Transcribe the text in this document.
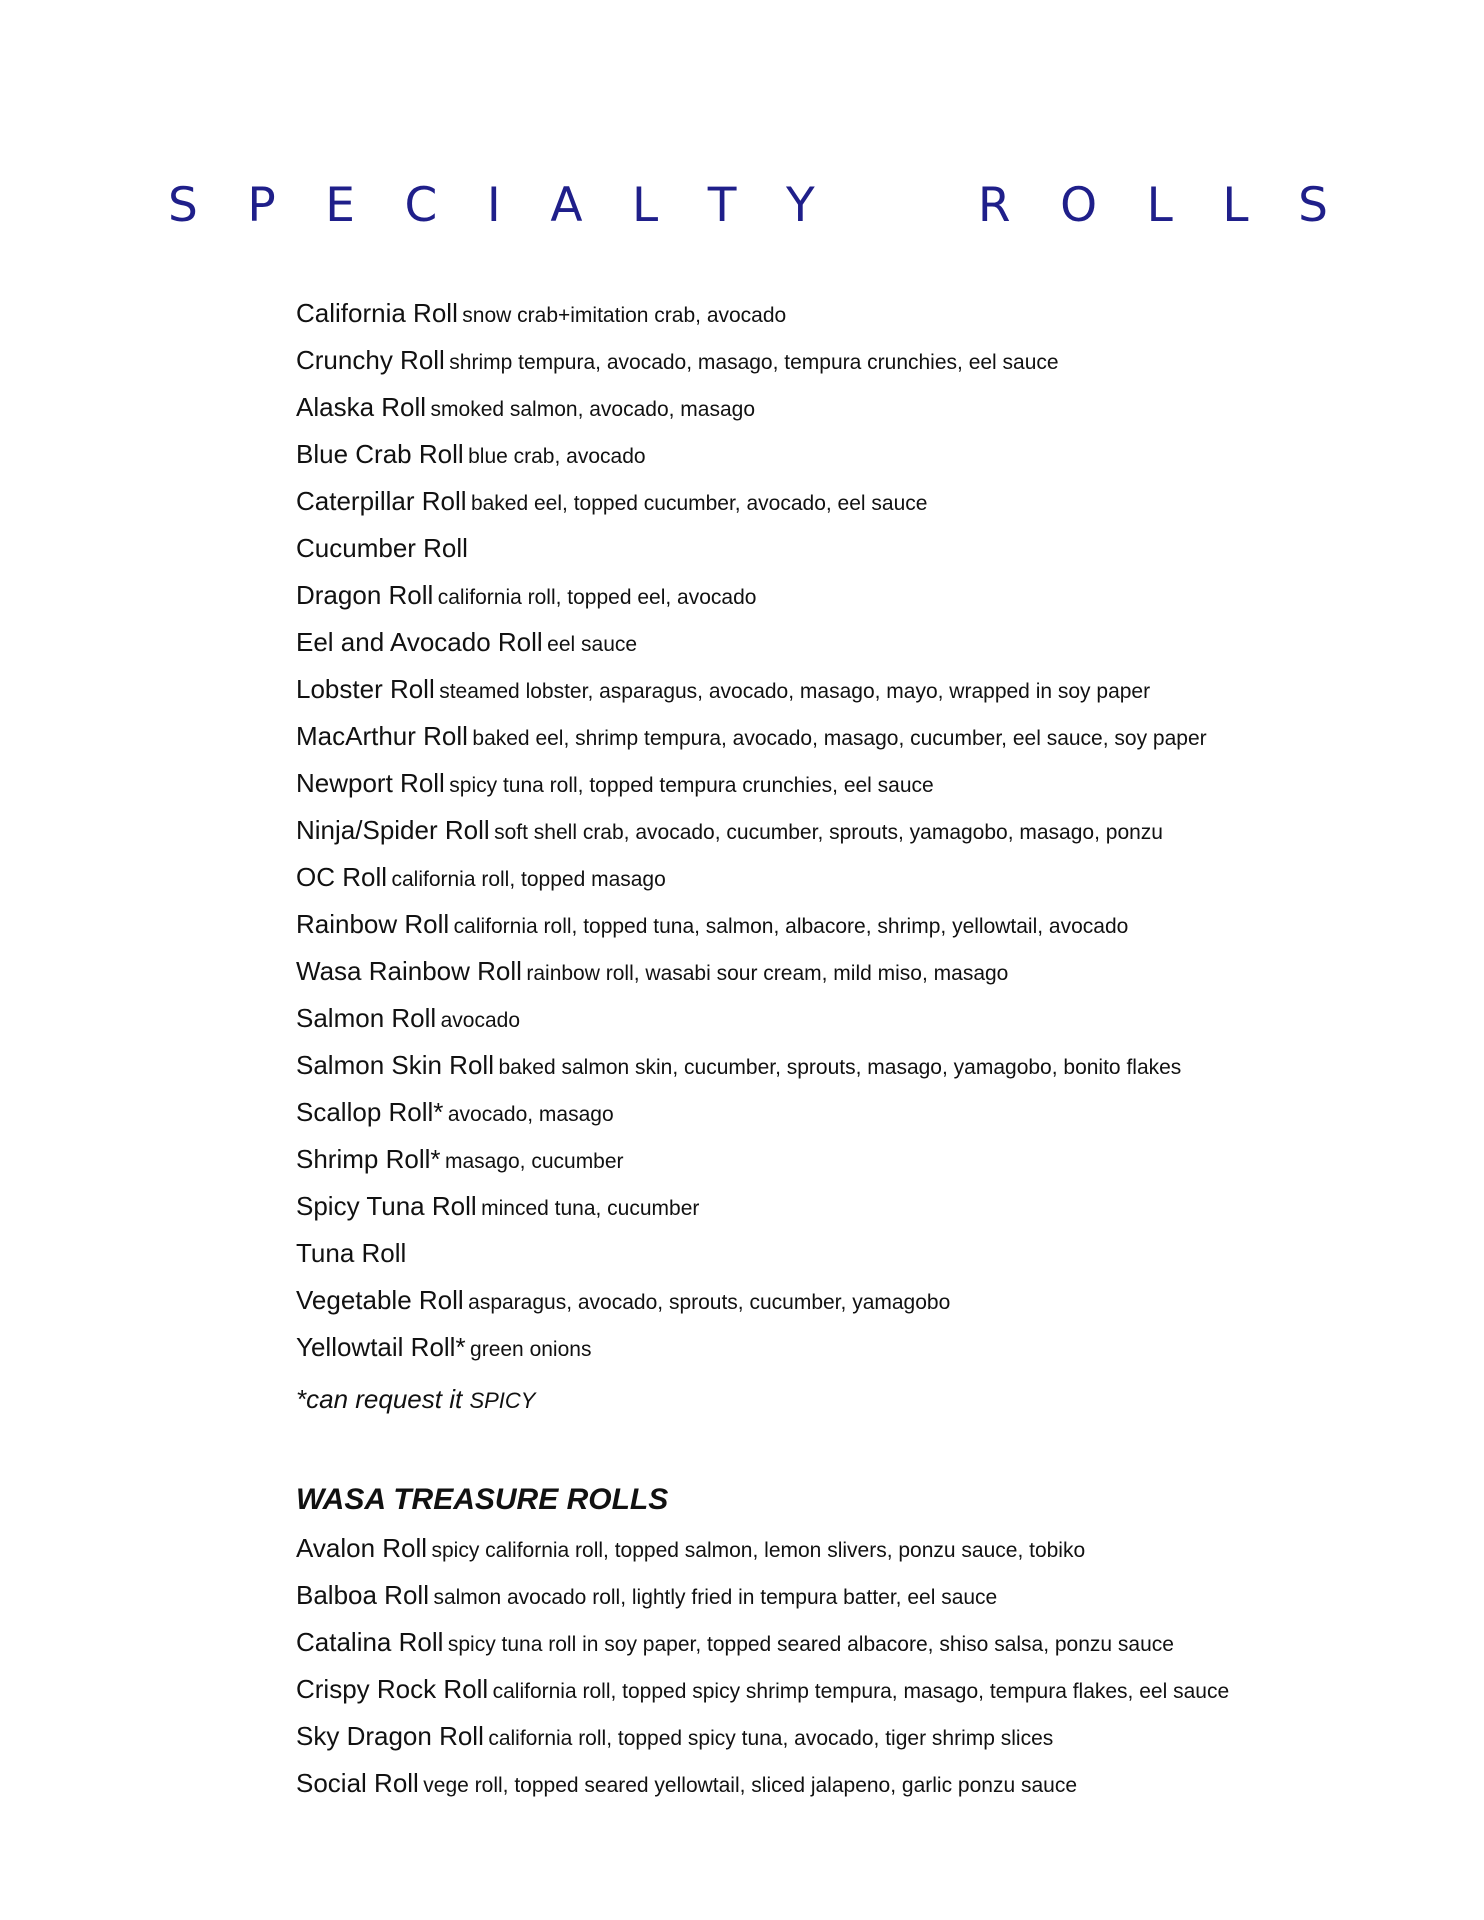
S P E C I A L T Y	R O L L S
California Roll snow crab+imitation crab, avocado
Crunchy Roll shrimp tempura, avocado, masago, tempura crunchies, eel sauce
Alaska Roll smoked salmon, avocado, masago
Blue Crab Roll blue crab, avocado
Caterpillar Roll baked eel, topped cucumber, avocado, eel sauce
Cucumber Roll
Dragon Roll california roll, topped eel, avocado
Eel and Avocado Roll eel sauce
Lobster Roll steamed lobster, asparagus, avocado, masago, mayo, wrapped in soy paper
MacArthur Roll baked eel, shrimp tempura, avocado, masago, cucumber, eel sauce, soy paper
Newport Roll spicy tuna roll, topped tempura crunchies, eel sauce
Ninja/Spider Roll soft shell crab, avocado, cucumber, sprouts, yamagobo, masago, ponzu
OC Roll california roll, topped masago
Rainbow Roll california roll, topped tuna, salmon, albacore, shrimp, yellowtail, avocado
Wasa Rainbow Roll rainbow roll, wasabi sour cream, mild miso, masago
Salmon Roll avocado
Salmon Skin Roll baked salmon skin, cucumber, sprouts, masago, yamagobo, bonito flakes
Scallop Roll* avocado, masago
Shrimp Roll* masago, cucumber
Spicy Tuna Roll minced tuna, cucumber
Tuna Roll
Vegetable Roll asparagus, avocado, sprouts, cucumber, yamagobo
Yellowtail Roll* green onions
*can request it SPICY
WASA TREASURE ROLLS
Avalon Roll spicy california roll, topped salmon, lemon slivers, ponzu sauce, tobiko
Balboa Roll salmon avocado roll, lightly fried in tempura batter, eel sauce
Catalina Roll spicy tuna roll in soy paper, topped seared albacore, shiso salsa, ponzu sauce
Crispy Rock Roll california roll, topped spicy shrimp tempura, masago, tempura flakes, eel sauce
Sky Dragon Roll california roll, topped spicy tuna, avocado, tiger shrimp slices
Social Roll vege roll, topped seared yellowtail, sliced jalapeno, garlic ponzu sauce
